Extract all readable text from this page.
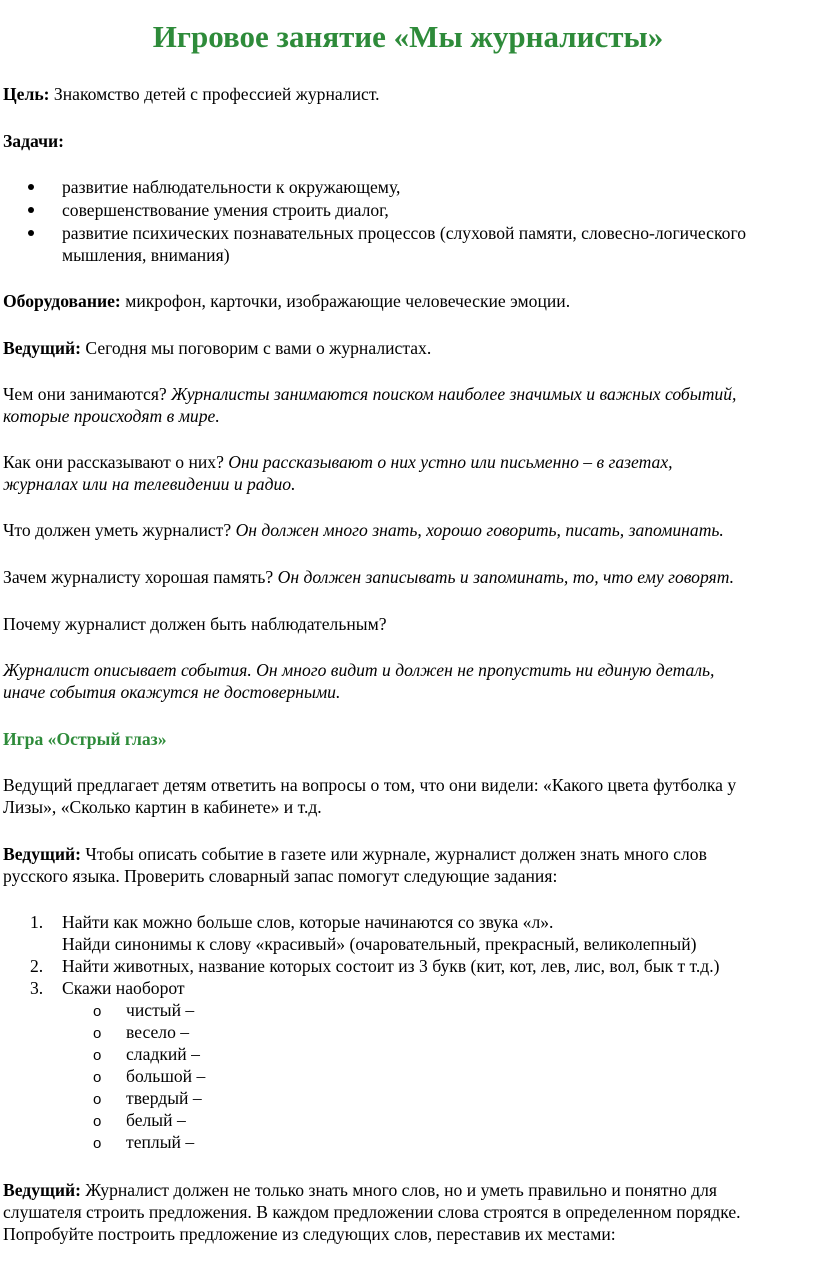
Игровое занятие «Мы журналисты»

Цель: Знакомство детей с профессией журналист.

Задачи:

развитие наблюдательности к окружающему,
совершенствование умения строить диалог,
развитие психических познавательных процессов (слуховой памяти, словесно-логического
мышления, внимания)

Оборудование: микрофон, карточки, изображающие человеческие эмоции.

Ведущий: Сегодня мы поговорим с вами о журналистах.

Чем они занимаются? Журналисты занимаются поиском наиболее значимых и важных событий,

которые происходят в мире.

Как они рассказывают о них? Они рассказывают о них устно или письменно – в газетах,

журналах или на телевидении и радио.

Что должен уметь журналист? Он должен много знать, хорошо говорить, писать, запоминать.

Зачем журналисту хорошая память? Он должен записывать и запоминать, то, что ему говорят.

Почему журналист должен быть наблюдательным?

Журналист описывает события. Он много видит и должен не пропустить ни единую деталь,

иначе события окажутся не достоверными.

Игра «Острый глаз»

Ведущий предлагает детям ответить на вопросы о том, что они видели: «Какого цвета футболка у

Лизы», «Сколько картин в кабинете» и т.д.

Ведущий: Чтобы описать событие в газете или журнале, журналист должен знать много слов

русского языка. Проверить словарный запас помогут следующие задания:

1.	Найти как можно больше слов, которые начинаются со звука «л».
Найди синонимы к слову «красивый» (очаровательный, прекрасный, великолепный)
2.	Найти животных, название которых состоит из 3 букв (кит, кот, лев, лис, вол, бык т т.д.)
3.	Скажи наоборот
o	чистый –
o	весело –
o	сладкий –
o	большой –
o	твердый –
o	белый –
o	теплый –

Ведущий: Журналист должен не только знать много слов, но и уметь правильно и понятно для

слушателя строить предложения. В каждом предложении слова строятся в определенном порядке.

Попробуйте построить предложение из следующих слов, переставив их местами:
